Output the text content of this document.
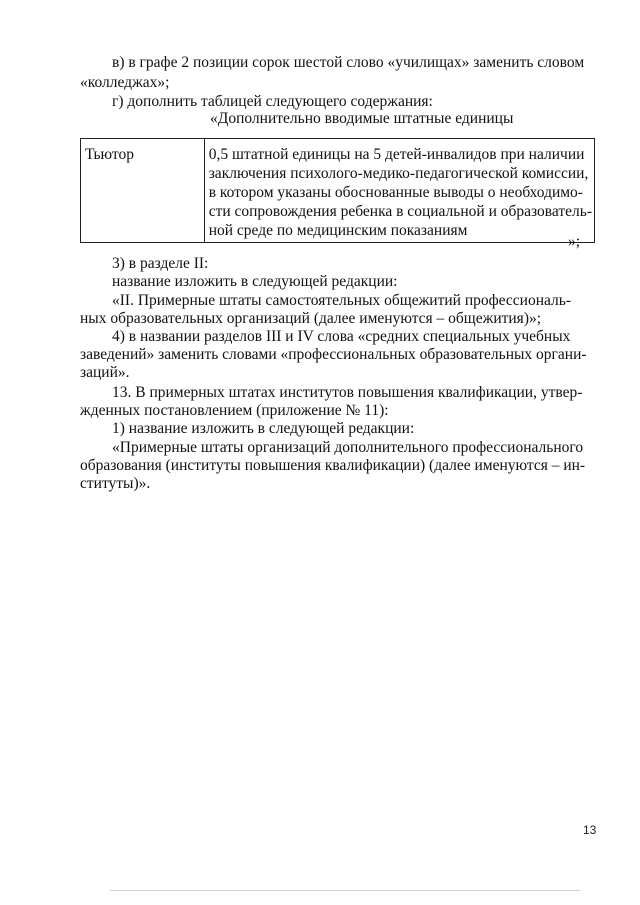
в) в графе 2 позиции сорок шестой слово «училищах» заменить словом
«колледжах»;
г) дополнить таблицей следующего содержания:
«Дополнительно вводимые штатные единицы
Тьютор	0,5 штатной единицы на 5 детей-инвалидов при наличии
заключения психолого-медико-педагогической комиссии,
в котором указаны обоснованные выводы о необходимо-
сти сопровождения ребенка в социальной и образователь-
ной среде по медицинским показаниям
»;
3) в разделе II:
название изложить в следующей редакции:
«II. Примерные штаты самостоятельных общежитий профессиональ-
ных образовательных организаций (далее именуются – общежития)»;
4) в названии разделов III и IV слова «средних специальных учебных
заведений» заменить словами «профессиональных образовательных органи-
заций».
13. В примерных штатах институтов повышения квалификации, утвер-
жденных постановлением (приложение № 11):
1) название изложить в следующей редакции:
«Примерные штаты организаций дополнительного профессионального
образования (институты повышения квалификации) (далее именуются – ин-
ституты)».
13
